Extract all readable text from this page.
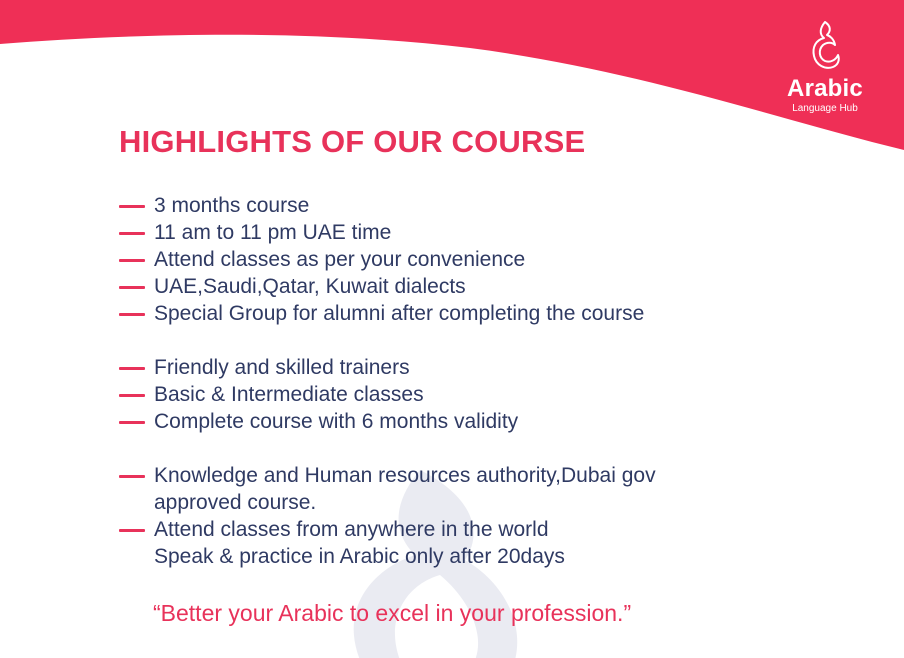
Arabic
Language Hub
HIGHLIGHTS OF OUR COURSE
3 months course
11 am to 11 pm UAE time
Attend classes as per your convenience
UAE,Saudi,Qatar, Kuwait dialects
Special Group for alumni after completing the course
Friendly and skilled trainers
Basic & Intermediate classes
Complete course with 6 months validity
Knowledge and Human resources authority,Dubai gov
approved course.
Attend classes from anywhere in the world
Speak & practice in Arabic only after 20days

“Better your Arabic to excel in your profession.”
